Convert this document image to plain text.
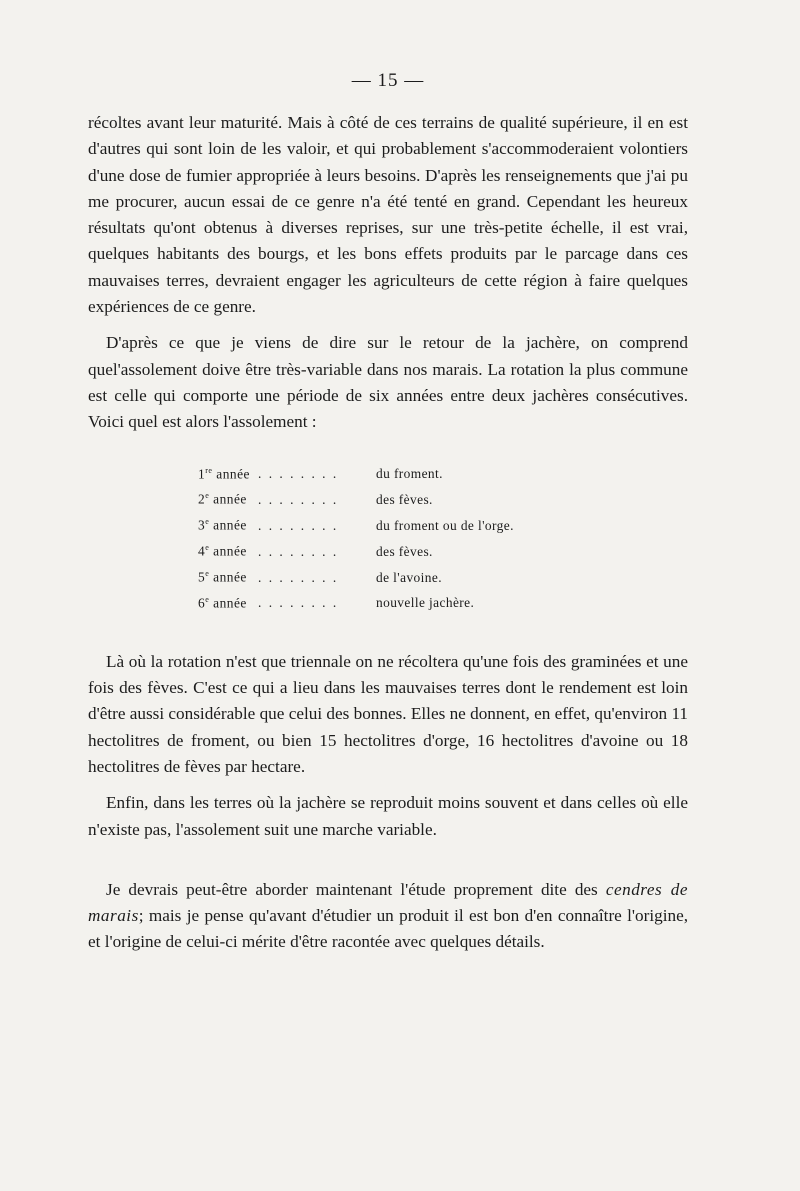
— 15 —

récoltes avant leur maturité. Mais à côté de ces terrains de qualité supérieure, il en est d'autres qui sont loin de les valoir, et qui probablement s'accommoderaient volontiers d'une dose de fumier appropriée à leurs besoins. D'après les renseignements que j'ai pu me procurer, aucun essai de ce genre n'a été tenté en grand. Cependant les heureux résultats qu'ont obtenus à diverses reprises, sur une très-petite échelle, il est vrai, quelques habitants des bourgs, et les bons effets produits par le parcage dans ces mauvaises terres, devraient engager les agriculteurs de cette région à faire quelques expériences de ce genre.

D'après ce que je viens de dire sur le retour de la jachère, on comprend quel'assolement doive être très-variable dans nos marais. La rotation la plus commune est celle qui comporte une période de six années entre deux jachères consécutives. Voici quel est alors l'assolement :

1re année . . . . . . . .	du froment.
2e année . . . . . . . .	des fèves.
3e année . . . . . . . .	du froment ou de l'orge.
4e année . . . . . . . .	des fèves.
5e année . . . . . . . .	de l'avoine.
6e année . . . . . . . .	nouvelle jachère.

Là où la rotation n'est que triennale on ne récoltera qu'une fois des graminées et une fois des fèves. C'est ce qui a lieu dans les mauvaises terres dont le rendement est loin d'être aussi considérable que celui des bonnes. Elles ne donnent, en effet, qu'environ 11 hectolitres de froment, ou bien 15 hectolitres d'orge, 16 hectolitres d'avoine ou 18 hectolitres de fèves par hectare.

Enfin, dans les terres où la jachère se reproduit moins souvent et dans celles où elle n'existe pas, l'assolement suit une marche variable.

Je devrais peut-être aborder maintenant l'étude proprement dite des cendres de marais; mais je pense qu'avant d'étudier un produit il est bon d'en connaître l'origine, et l'origine de celui-ci mérite d'être racontée avec quelques détails.
